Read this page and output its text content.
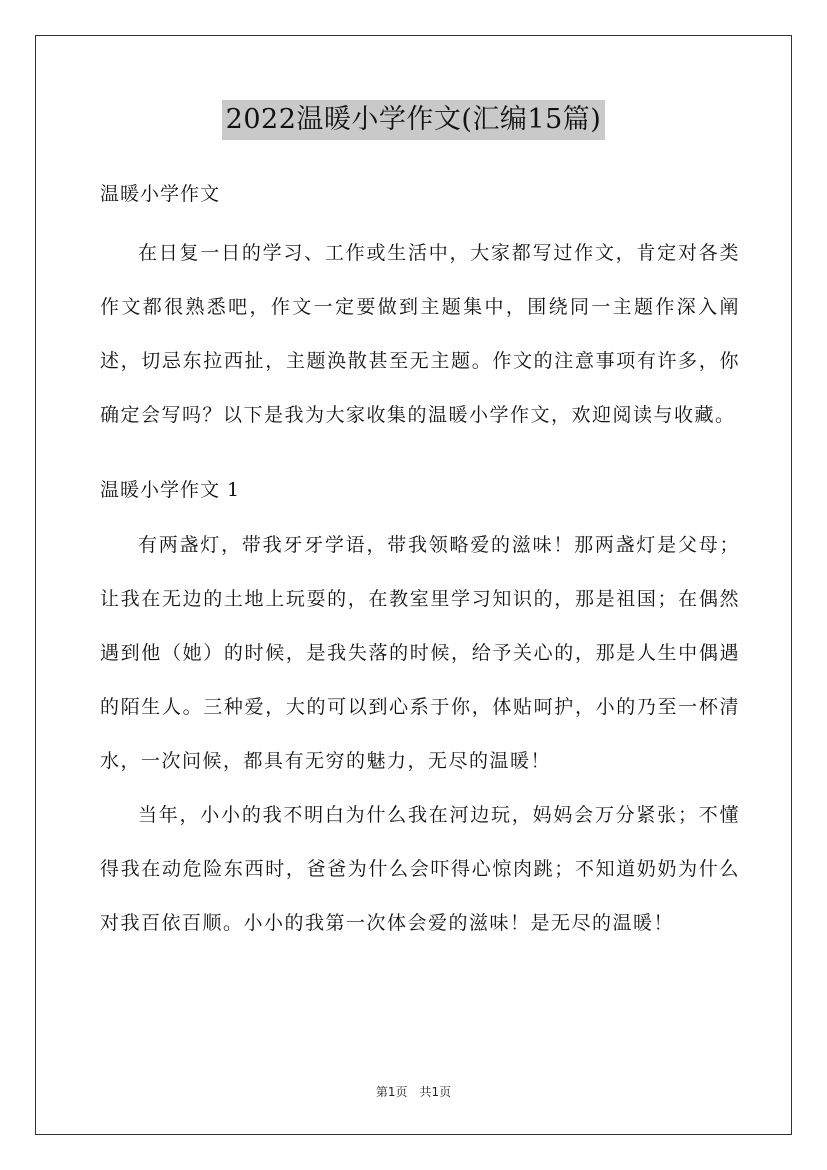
2022温暖小学作文(汇编15篇)

温暖小学作文

在日复一日的学习、工作或生活中，大家都写过作文，肯定对各类作文都很熟悉吧，作文一定要做到主题集中，围绕同一主题作深入阐述，切忌东拉西扯，主题涣散甚至无主题。作文的注意事项有许多，你确定会写吗？以下是我为大家收集的温暖小学作文，欢迎阅读与收藏。

温暖小学作文 1

有两盏灯，带我牙牙学语，带我领略爱的滋味！那两盏灯是父母；让我在无边的土地上玩耍的，在教室里学习知识的，那是祖国；在偶然遇到他（她）的时候，是我失落的时候，给予关心的，那是人生中偶遇的陌生人。三种爱，大的可以到心系于你，体贴呵护，小的乃至一杯清水，一次问候，都具有无穷的魅力，无尽的温暖！

当年，小小的我不明白为什么我在河边玩，妈妈会万分紧张；不懂得我在动危险东西时，爸爸为什么会吓得心惊肉跳；不知道奶奶为什么对我百依百顺。小小的我第一次体会爱的滋味！是无尽的温暖！

第1页　共1页
